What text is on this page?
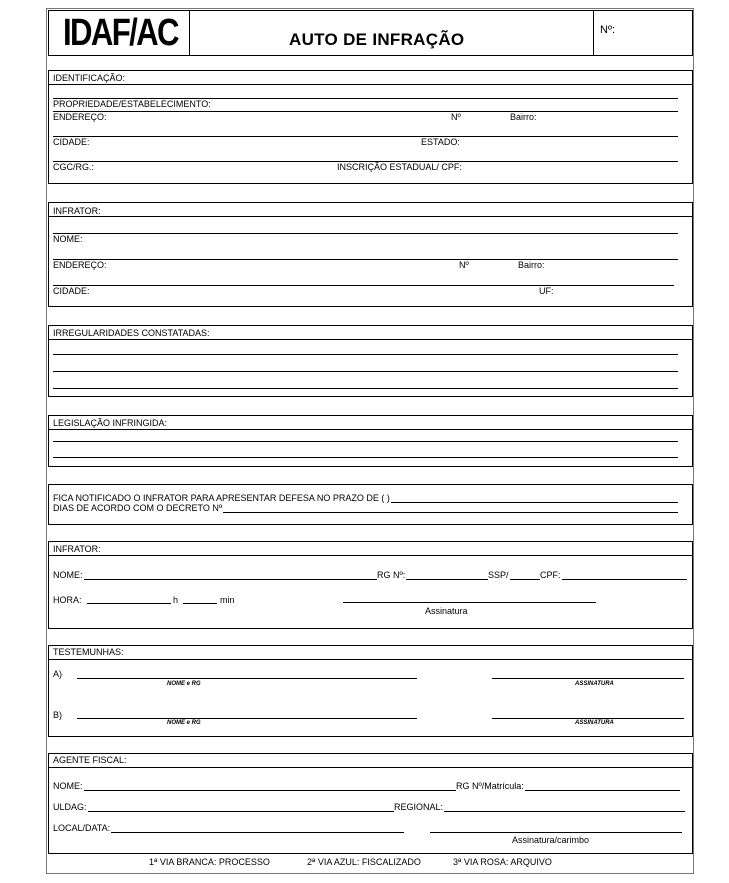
IDAF/AC	AUTO DE INFRAÇÃO	Nº:
IDENTIFICAÇÃO:
PROPRIEDADE/ESTABELECIMENTO:
ENDEREÇO:	Nº	Bairro:
CIDADE:	ESTADO:
CGC/RG.:	INSCRIÇÃO ESTADUAL/ CPF:
INFRATOR:
NOME:
ENDEREÇO:	Nº	Bairro:
CIDADE:	UF:
IRREGULARIDADES CONSTATADAS:
LEGISLAÇÃO INFRINGIDA:
FICA NOTIFICADO O INFRATOR PARA APRESENTAR DEFESA NO PRAZO DE ( )
DIAS DE ACORDO COM O DECRETO Nº
INFRATOR:
NOME:	RG Nº:	SSP/	CPF:
HORA:	h	min
Assinatura
TESTEMUNHAS:
A)
NOME e RG	ASSINATURA
B)
NOME e RG	ASSINATURA
AGENTE FISCAL:
NOME:	RG Nº/Matrícula:
ULDAG:	REGIONAL:
LOCAL/DATA:
Assinatura/carimbo
1ª VIA BRANCA: PROCESSO	2ª VIA AZUL: FISCALIZADO	3ª VIA ROSA: ARQUIVO
